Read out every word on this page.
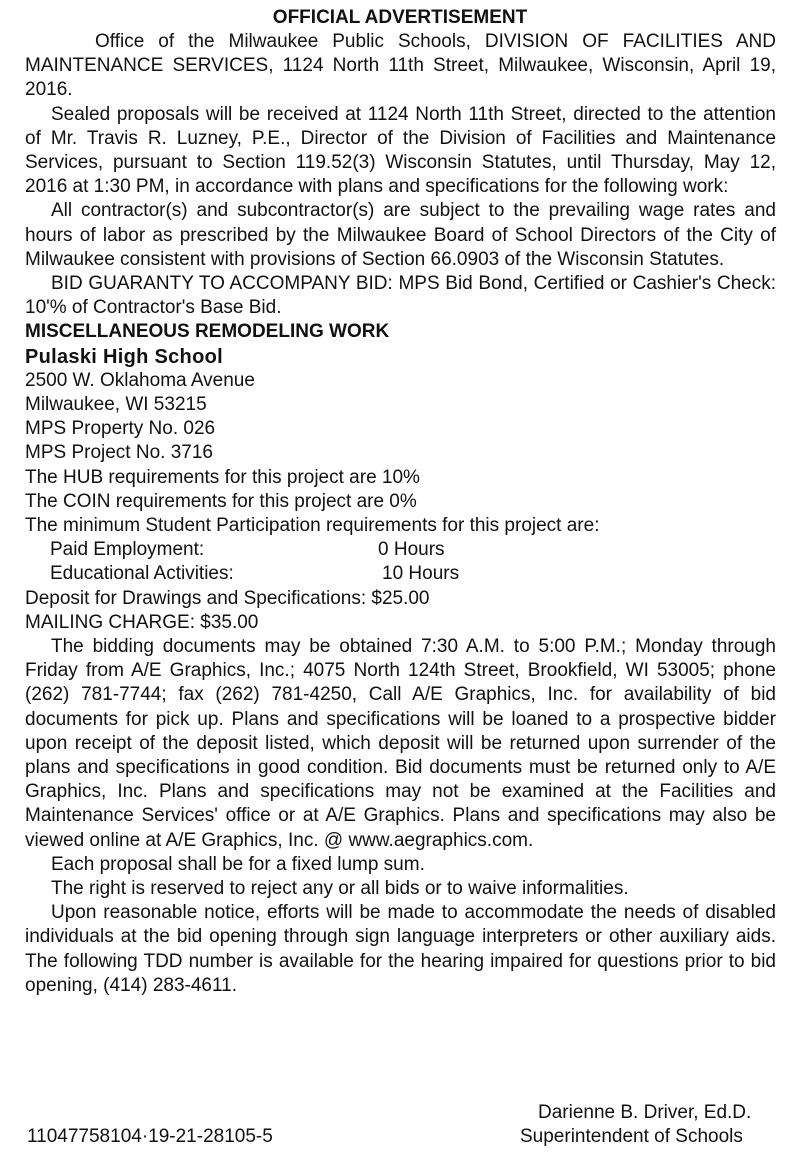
OFFICIAL ADVERTISEMENT
Office of the Milwaukee Public Schools, DIVISION OF FACILITIES AND MAINTENANCE SERVICES, 1124 North 11th Street, Milwaukee, Wisconsin, April 19, 2016.
Sealed proposals will be received at 1124 North 11th Street, directed to the attention of Mr. Travis R. Luzney, P.E., Director of the Division of Facilities and Maintenance Services, pursuant to Section 119.52(3) Wisconsin Statutes, until Thursday, May 12, 2016 at 1:30 PM, in accordance with plans and specifications for the following work:
All contractor(s) and subcontractor(s) are subject to the prevailing wage rates and hours of labor as prescribed by the Milwaukee Board of School Directors of the City of Milwaukee consistent with provisions of Section 66.0903 of the Wisconsin Statutes.
BID GUARANTY TO ACCOMPANY BID: MPS Bid Bond, Certified or Cashier's Check: 10'% of Contractor's Base Bid.
MISCELLANEOUS REMODELING WORK
Pulaski High School
2500 W. Oklahoma Avenue
Milwaukee, WI 53215
MPS Property No. 026
MPS Project No. 3716
The HUB requirements for this project are 10%
The COIN requirements for this project are 0%
The minimum Student Participation requirements for this project are:
Paid Employment:	0 Hours
Educational Activities:	10 Hours
Deposit for Drawings and Specifications: $25.00
MAILING CHARGE: $35.00
The bidding documents may be obtained 7:30 A.M. to 5:00 P.M.; Monday through Friday from A/E Graphics, Inc.; 4075 North 124th Street, Brookfield, WI 53005; phone (262) 781-7744; fax (262) 781-4250, Call A/E Graphics, Inc. for availability of bid documents for pick up. Plans and specifications will be loaned to a prospective bidder upon receipt of the deposit listed, which deposit will be returned upon surrender of the plans and specifications in good condition. Bid documents must be returned only to A/E Graphics, Inc. Plans and specifications may not be examined at the Facilities and Maintenance Services' office or at A/E Graphics. Plans and specifications may also be viewed online at A/E Graphics, Inc. @ www.aegraphics.com.
Each proposal shall be for a fixed lump sum.
The right is reserved to reject any or all bids or to waive informalities.
Upon reasonable notice, efforts will be made to accommodate the needs of disabled individuals at the bid opening through sign language interpreters or other auxiliary aids. The following TDD number is available for the hearing impaired for questions prior to bid opening, (414) 283-4611.
Darienne B. Driver, Ed.D.
11047758104·19-21-28105-5	Superintendent of Schools
